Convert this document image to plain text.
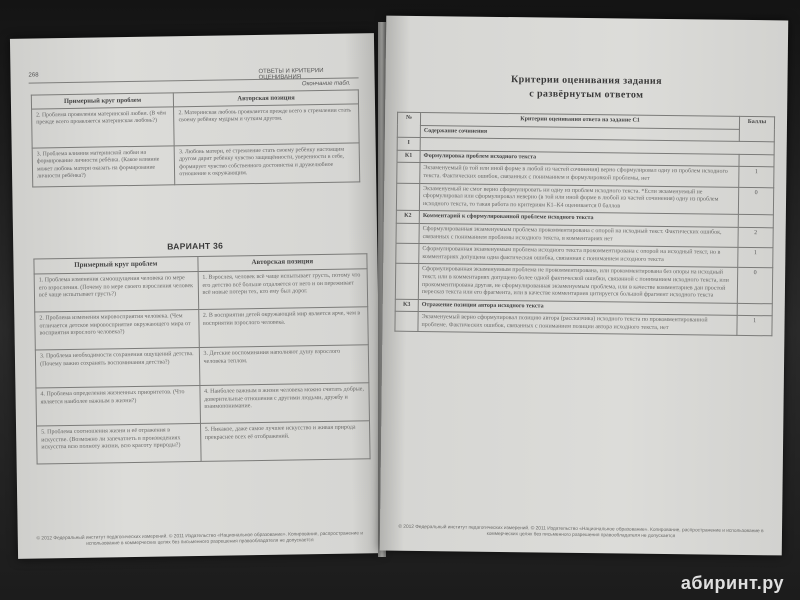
268
ОТВЕТЫ И КРИТЕРИИ ОЦЕНИВАНИЯ
Окончание табл.
Примерный круг проблем	Авторская позиция
2. Проблема проявления материнской любви. (В чём прежде всего проявляется материнская любовь?)	2. Материнская любовь проявляется прежде всего в стремлении стать своему ребёнку мудрым и чутким другом.
3. Проблема влияния материнской любви на формирование личности ребёнка. (Какое влияние может любовь матери оказать на формирование личности ребёнка?)	3. Любовь матери, её стремление стать своему ребёнку настоящим другом дарит ребёнку чувство защищённости, уверенности в себе, формирует чувство собственного достоинства и дружелюбное отношение к окружающим.
ВАРИАНТ 36
Примерный круг проблем	Авторская позиция
1. Проблема изменения самоощущения человека по мере его взросления. (Почему по мере своего взросления человек всё чаще испытывает грусть?)	1. Взрослея, человек всё чаще испытывает грусть, потому что его детство всё больше отдаляется от него и он переживает всё новые потери тех, кто ему был дорог.
2. Проблема изменения мировосприятия человека. (Чем отличается детское мировосприятие окружающего мира от восприятия взрослого человека?)	2. В восприятии детей окружающий мир является ярче, чем в восприятии взрослого человека.
3. Проблема необходимости сохранения ощущений детства. (Почему важно сохранять воспоминания детства?)	3. Детские воспоминания наполняют душу взрослого человека теплом.
4. Проблема определения жизненных приоритетов. (Что является наиболее важным в жизни?)	4. Наиболее важным в жизни человека можно считать добрые, доверительные отношения с другими людьми, дружбу и взаимопонимание.
5. Проблема соотношения жизни и её отражения в искусстве. (Возможно ли запечатлеть в произведениях искусства всю полноту жизни, всю красоту природы?)	5. Никакое, даже самое лучшее искусство и живая природа прекраснее всех её отображений.
© 2012 Федеральный институт педагогических измерений. © 2011 Издательство «Национальное образование». Копирование, распространение и использование в коммерческих целях без письменного разрешения правообладателя не допускается
Критерии оценивания задания
с развёрнутым ответом
№	Критерии оценивания ответа на задание С1	Баллы
	Содержание сочинения	
I		
К1	Формулировка проблем исходного текста	
	Экзаменуемый (в той или иной форме в любой из частей сочинения) верно сформулировал одну из проблем исходного текста. Фактических ошибок, связанных с пониманием и формулировкой проблемы, нет	1
	Экзаменуемый не смог верно сформулировать ни одну из проблем исходного текста. *Если экзаменуемый не сформулировал или сформулировал неверно (в той или иной форме в любой из частей сочинения) одну из проблем исходного текста, то такая работа по критериям К1–К4 оценивается 0 баллов	0
К2	Комментарий к сформулированной проблеме исходного текста	
	Сформулированная экзаменуемым проблема прокомментирована с опорой на исходный текст. Фактических ошибок, связанных с пониманием проблемы исходного текста, в комментариях нет	2
	Сформулированная экзаменуемым проблема исходного текста прокомментирована с опорой на исходный текст, но в комментариях допущена одна фактическая ошибка, связанная с пониманием исходного текста	1
	Сформулированная экзаменуемым проблема не прокомментирована, или прокомментирована без опоры на исходный текст, или в комментариях допущено более одной фактической ошибки, связанной с пониманием исходного текста, или прокомментирована другая, не сформулированная экзаменуемым проблема, или в качестве комментариев дан простой пересказ текста или его фрагмента, или в качестве комментариев цитируется большой фрагмент исходного текста	0
К3	Отражение позиции автора исходного текста	
	Экзаменуемый верно сформулировал позицию автора (рассказчика) исходного текста по прокомментированной проблеме. Фактических ошибок, связанных с пониманием позиции автора исходного текста, нет	1
© 2012 Федеральный институт педагогических измерений. © 2011 Издательство «Национальное образование». Копирование, распространение и использование в коммерческих целях без письменного разрешения правообладателя не допускается
абиринт.ру
